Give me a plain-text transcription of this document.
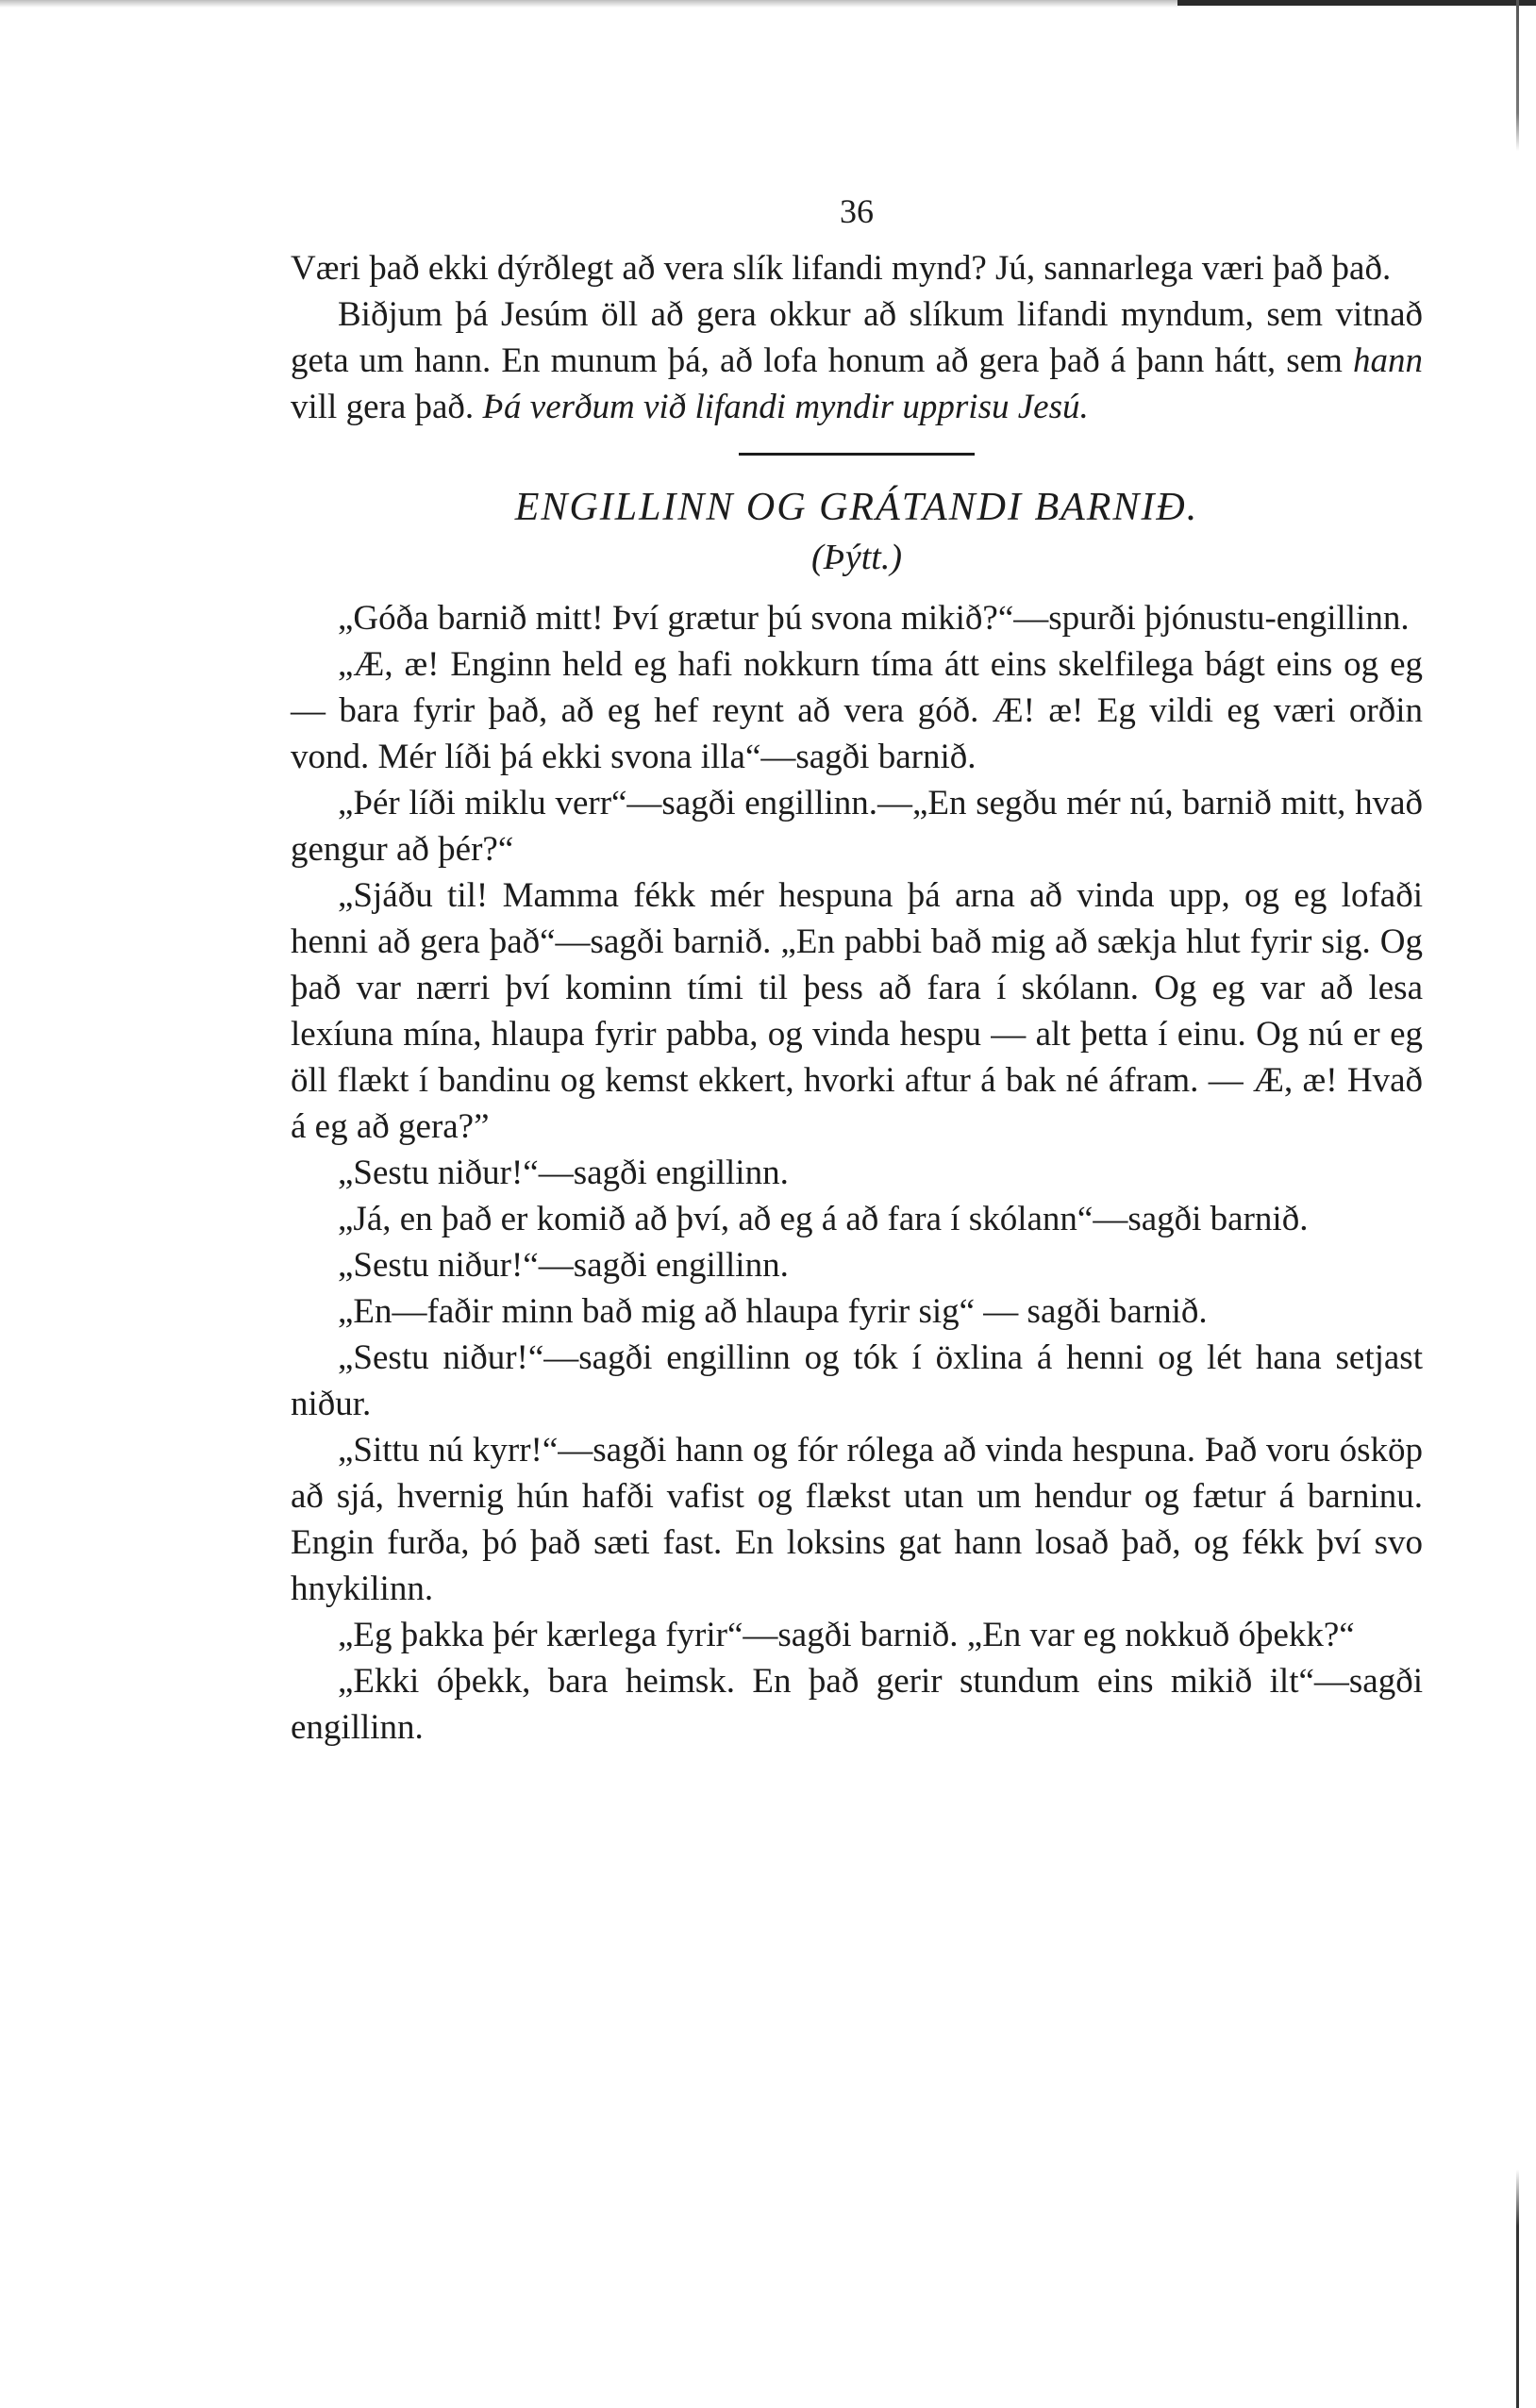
36

Væri það ekki dýrðlegt að vera slík lifandi mynd? Jú, sannarlega væri það það.

Biðjum þá Jesúm öll að gera okkur að slíkum lifandi myndum, sem vitnað geta um hann. En munum þá, að lofa honum að gera það á þann hátt, sem hann vill gera það. Þá verðum við lifandi myndir upprisu Jesú.

ENGILLINN OG GRÁTANDI BARNIÐ.

(Þýtt.)

„Góða barnið mitt! Því grætur þú svona mikið?“—spurði þjónustu-engillinn.

„Æ, æ! Enginn held eg hafi nokkurn tíma átt eins skelfilega bágt eins og eg — bara fyrir það, að eg hef reynt að vera góð. Æ! æ! Eg vildi eg væri orðin vond. Mér líði þá ekki svona illa“—sagði barnið.

„Þér líði miklu verr“—sagði engillinn.—„En segðu mér nú, barnið mitt, hvað gengur að þér?“

„Sjáðu til! Mamma fékk mér hespuna þá arna að vinda upp, og eg lofaði henni að gera það“—sagði barnið. „En pabbi bað mig að sækja hlut fyrir sig. Og það var nærri því kominn tími til þess að fara í skólann. Og eg var að lesa lexíuna mína, hlaupa fyrir pabba, og vinda hespu — alt þetta í einu. Og nú er eg öll flækt í bandinu og kemst ekkert, hvorki aftur á bak né áfram. — Æ, æ! Hvað á eg að gera?”

„Sestu niður!“—sagði engillinn.

„Já, en það er komið að því, að eg á að fara í skólann“—sagði barnið.

„Sestu niður!“—sagði engillinn.

„En—faðir minn bað mig að hlaupa fyrir sig“ — sagði barnið.

„Sestu niður!“—sagði engillinn og tók í öxlina á henni og lét hana setjast niður.

„Sittu nú kyrr!“—sagði hann og fór rólega að vinda hespuna. Það voru ósköp að sjá, hvernig hún hafði vafist og flækst utan um hendur og fætur á barninu. Engin furða, þó það sæti fast. En loksins gat hann losað það, og fékk því svo hnykilinn.

„Eg þakka þér kærlega fyrir“—sagði barnið. „En var eg nokkuð óþekk?“

„Ekki óþekk, bara heimsk. En það gerir stundum eins mikið ilt“—sagði engillinn.
